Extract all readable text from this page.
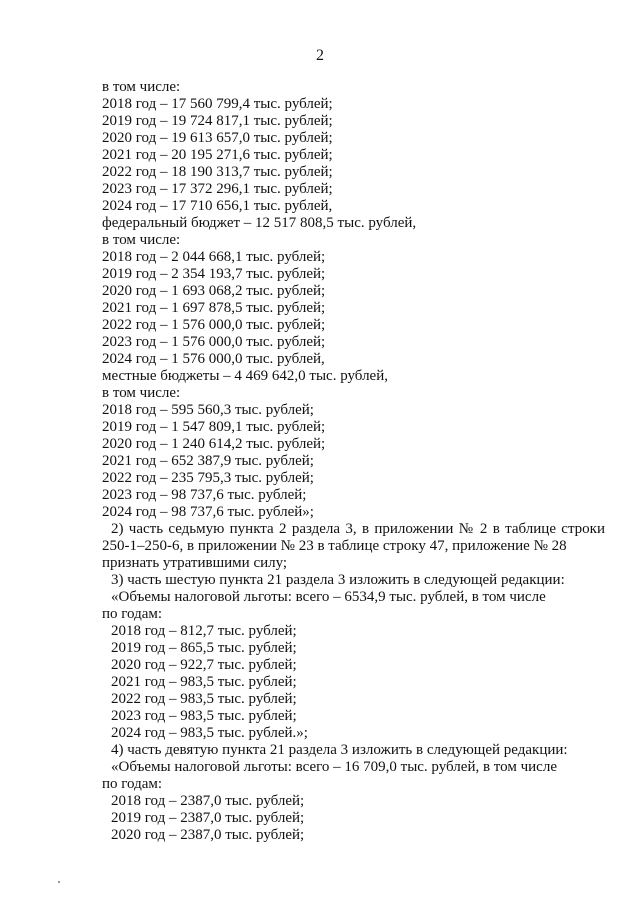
2
в том числе:
2018 год – 17 560 799,4 тыс. рублей;
2019 год – 19 724 817,1 тыс. рублей;
2020 год – 19 613 657,0 тыс. рублей;
2021 год – 20 195 271,6 тыс. рублей;
2022 год – 18 190 313,7 тыс. рублей;
2023 год – 17 372 296,1 тыс. рублей;
2024 год – 17 710 656,1 тыс. рублей,
федеральный бюджет – 12 517 808,5 тыс. рублей,
в том числе:
2018 год – 2 044 668,1 тыс. рублей;
2019 год – 2 354 193,7 тыс. рублей;
2020 год – 1 693 068,2 тыс. рублей;
2021 год – 1 697 878,5 тыс. рублей;
2022 год – 1 576 000,0 тыс. рублей;
2023 год – 1 576 000,0 тыс. рублей;
2024 год – 1 576 000,0 тыс. рублей,
местные бюджеты – 4 469 642,0 тыс. рублей,
в том числе:
2018 год – 595 560,3 тыс. рублей;
2019 год – 1 547 809,1 тыс. рублей;
2020 год – 1 240 614,2 тыс. рублей;
2021 год – 652 387,9 тыс. рублей;
2022 год – 235 795,3 тыс. рублей;
2023 год – 98 737,6 тыс. рублей;
2024 год – 98 737,6 тыс. рублей»;
2) часть седьмую пункта 2 раздела 3, в приложении № 2 в таблице строки 250-1–250-6, в приложении № 23 в таблице строку 47, приложение № 28
признать утратившими силу;
3) часть шестую пункта 21 раздела 3 изложить в следующей редакции:
«Объемы налоговой льготы: всего – 6534,9 тыс. рублей, в том числе
по годам:
2018 год – 812,7 тыс. рублей;
2019 год – 865,5 тыс. рублей;
2020 год – 922,7 тыс. рублей;
2021 год – 983,5 тыс. рублей;
2022 год – 983,5 тыс. рублей;
2023 год – 983,5 тыс. рублей;
2024 год – 983,5 тыс. рублей.»;
4) часть девятую пункта 21 раздела 3 изложить в следующей редакции:
«Объемы налоговой льготы: всего – 16 709,0 тыс. рублей, в том числе
по годам:
2018 год – 2387,0 тыс. рублей;
2019 год – 2387,0 тыс. рублей;
2020 год – 2387,0 тыс. рублей;
